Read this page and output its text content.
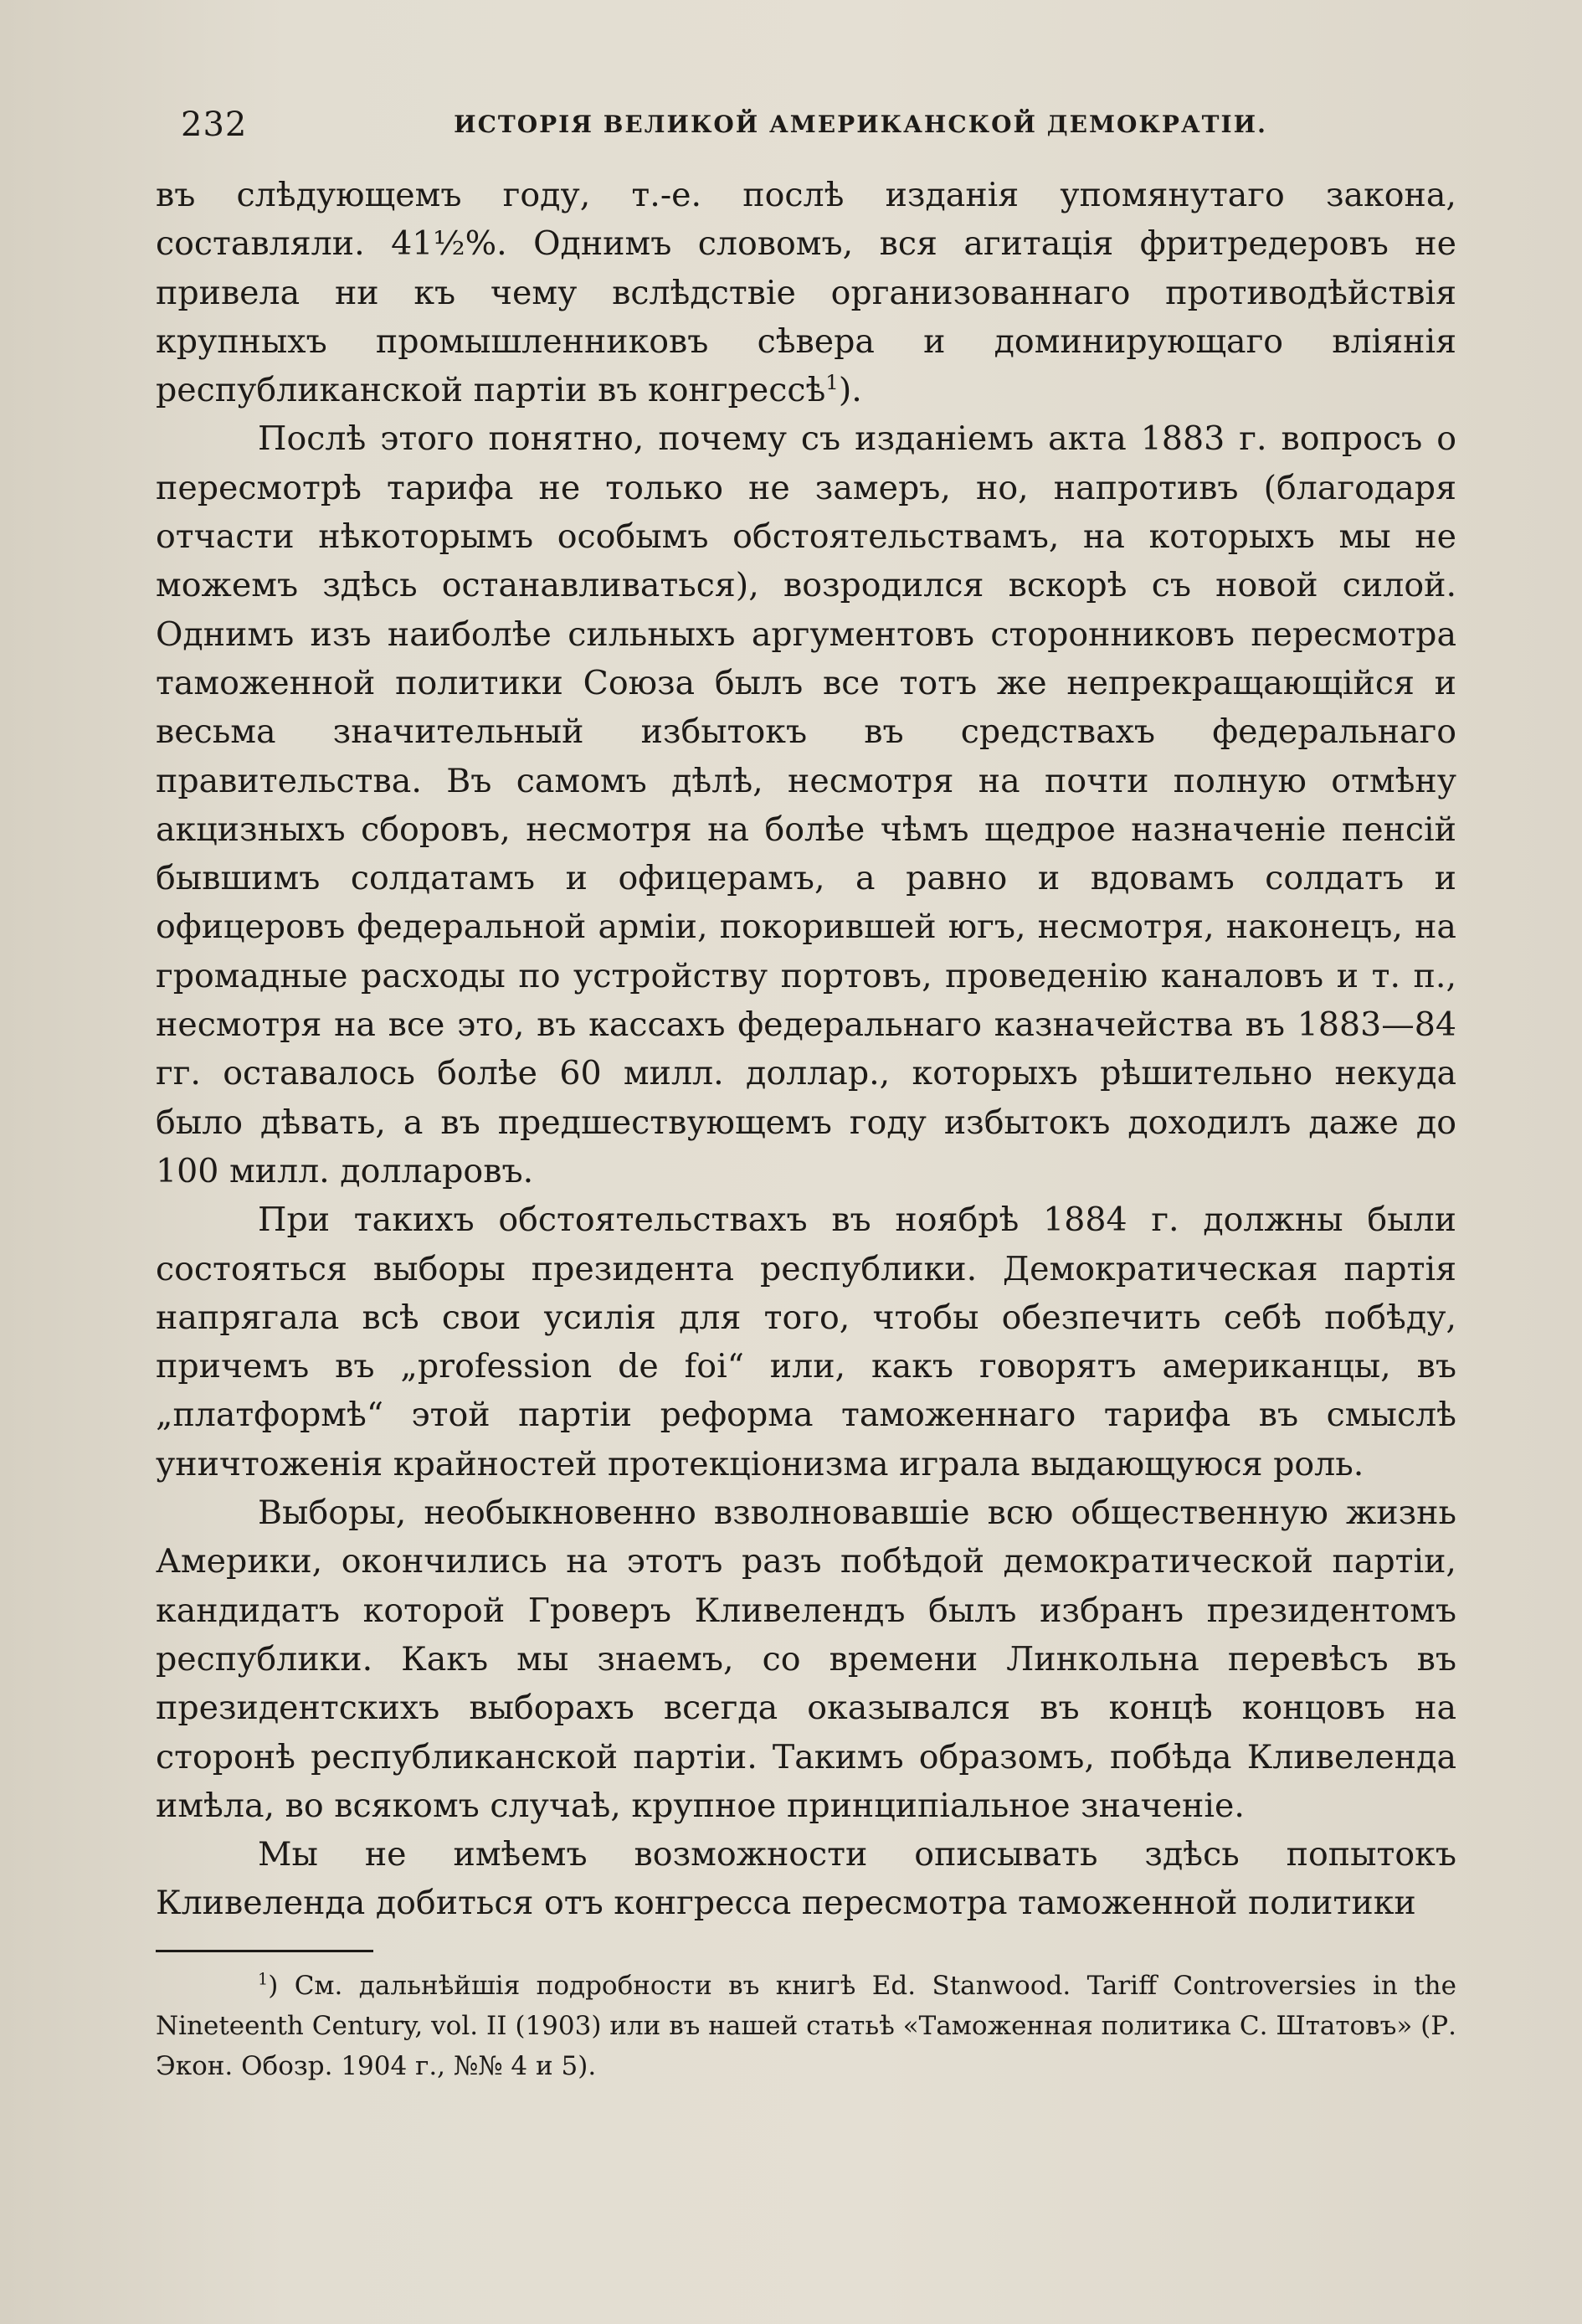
232	ИСТОРІЯ ВЕЛИКОЙ АМЕРИКАНСКОЙ ДЕМОКРАТІИ.

въ слѣдующемъ году, т.-е. послѣ изданія упомянутаго закона, составляли. 41½%. Однимъ словомъ, вся агитація фритредеровъ не привела ни къ чему вслѣдствіе организованнаго противодѣйствія крупныхъ промышленниковъ сѣвера и доминирующаго вліянія республиканской партіи въ конгрессѣ$^1$).

Послѣ этого понятно, почему съ изданіемъ акта 1883 г. вопросъ о пересмотрѣ тарифа не только не замеръ, но, напротивъ (благодаря отчасти нѣкоторымъ особымъ обстоятельствамъ, на которыхъ мы не можемъ здѣсь останавливаться), возродился вскорѣ съ новой силой. Однимъ изъ наиболѣе сильныхъ аргументовъ сторонниковъ пересмотра таможенной политики Союза былъ все тотъ же непрекращающійся и весьма значительный избытокъ въ средствахъ федеральнаго правительства. Въ самомъ дѣлѣ, несмотря на почти полную отмѣну акцизныхъ сборовъ, несмотря на болѣе чѣмъ щедрое назначеніе пенсій бывшимъ солдатамъ и офицерамъ, а равно и вдовамъ солдатъ и офицеровъ федеральной арміи, покорившей югъ, несмотря, наконецъ, на громадные расходы по устройству портовъ, проведенію каналовъ и т. п., несмотря на все это, въ кассахъ федеральнаго казначейства въ 1883—84 гг. оставалось болѣе 60 милл. доллар., которыхъ рѣшительно некуда было дѣвать, а въ предшествующемъ году избытокъ доходилъ даже до 100 милл. долларовъ.

При такихъ обстоятельствахъ въ ноябрѣ 1884 г. должны были состояться выборы президента республики. Демократическая партія напрягала всѣ свои усилія для того, чтобы обезпечить себѣ побѣду, причемъ въ „profession de foi“ или, какъ говорятъ американцы, въ „платформѣ“ этой партіи реформа таможеннаго тарифа въ смыслѣ уничтоженія крайностей протекціонизма играла выдающуюся роль.

Выборы, необыкновенно взволновавшіе всю общественную жизнь Америки, окончились на этотъ разъ побѣдой демократической партіи, кандидатъ которой Гроверъ Кливелендъ былъ избранъ президентомъ республики. Какъ мы знаемъ, со времени Линкольна перевѣсъ въ президентскихъ выборахъ всегда оказывался въ концѣ концовъ на сторонѣ республиканской партіи. Такимъ образомъ, побѣда Кливеленда имѣла, во всякомъ случаѣ, крупное принципіальное значеніе.

Мы не имѣемъ возможности описывать здѣсь попытокъ Кливеленда добиться отъ конгресса пересмотра таможенной политики

$^1$) См. дальнѣйшія подробности въ книгѣ Ed. Stanwood. Tariff Controversies in the Nineteenth Century, vol. II (1903) или въ нашей статьѣ «Таможенная политика С. Штатовъ» (Р. Экон. Обозр. 1904 г., №№ 4 и 5).
